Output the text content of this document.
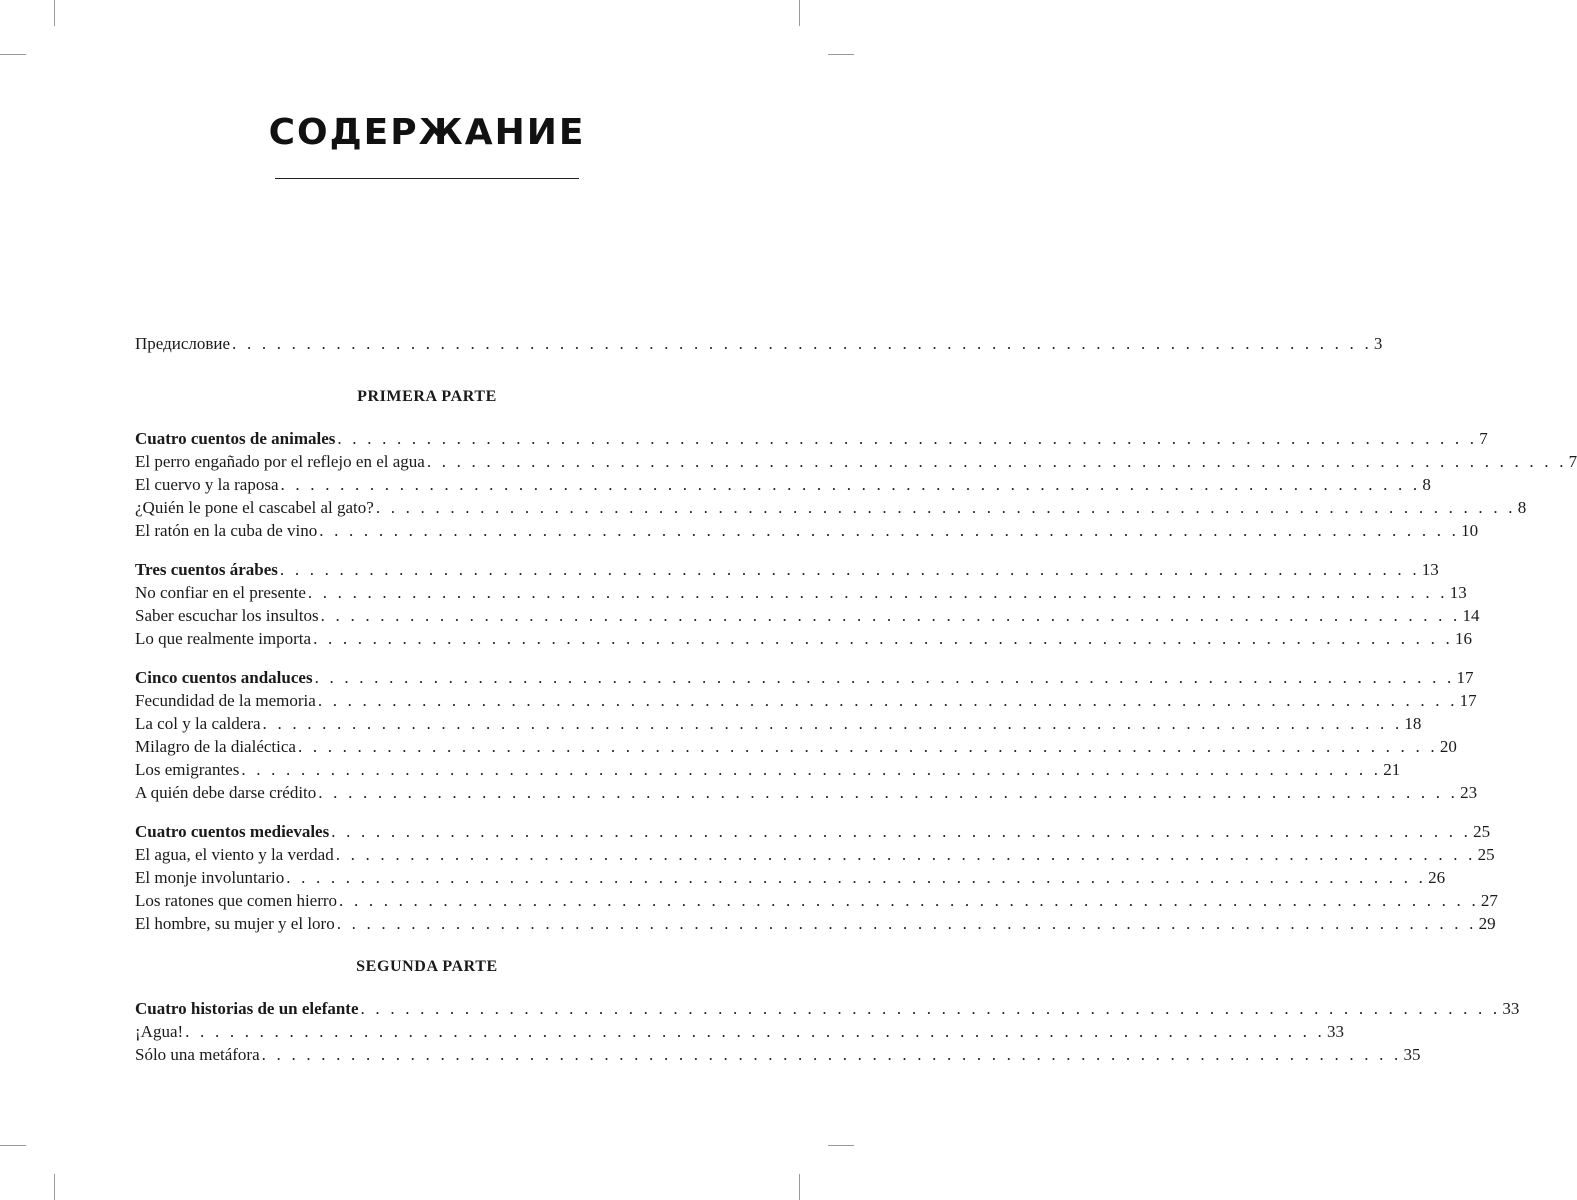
СОДЕРЖАНИЕ
Предисловие . . . . . . . . . . . . . . . . . . . . . . . . . . . . . . . . . . . . . . . . . . . . . . . . . . . . . . . . . . . . . . . . . . . . . . . . . . . . . 3
PRIMERA PARTE
Cuatro cuentos de animales . . . . . . . . . . . . . . . . . . . . . . . . . . . . . . . . . . . . . . . . . . . . . . . . . . . . . . . . . . . . . . . . . . . . . . . . . . . . . 7
El perro engañado por el reflejo en el agua . . . . . . . . . . . . . . . . . . . . . . . . . . . . . . . . . . . . . . . . . . . . . . . . . . . . . . . . . . . . . . . . . . . . . . . . . . . . . 7
El cuervo y la raposa . . . . . . . . . . . . . . . . . . . . . . . . . . . . . . . . . . . . . . . . . . . . . . . . . . . . . . . . . . . . . . . . . . . . . . . . . . . . . 8
¿Quién le pone el cascabel al gato? . . . . . . . . . . . . . . . . . . . . . . . . . . . . . . . . . . . . . . . . . . . . . . . . . . . . . . . . . . . . . . . . . . . . . . . . . . . . . 8
El ratón en la cuba de vino . . . . . . . . . . . . . . . . . . . . . . . . . . . . . . . . . . . . . . . . . . . . . . . . . . . . . . . . . . . . . . . . . . . . . . . . . . . . . 10
Tres cuentos árabes . . . . . . . . . . . . . . . . . . . . . . . . . . . . . . . . . . . . . . . . . . . . . . . . . . . . . . . . . . . . . . . . . . . . . . . . . . . . . 13
No confiar en el presente . . . . . . . . . . . . . . . . . . . . . . . . . . . . . . . . . . . . . . . . . . . . . . . . . . . . . . . . . . . . . . . . . . . . . . . . . . . . . 13
Saber escuchar los insultos . . . . . . . . . . . . . . . . . . . . . . . . . . . . . . . . . . . . . . . . . . . . . . . . . . . . . . . . . . . . . . . . . . . . . . . . . . . . . 14
Lo que realmente importa . . . . . . . . . . . . . . . . . . . . . . . . . . . . . . . . . . . . . . . . . . . . . . . . . . . . . . . . . . . . . . . . . . . . . . . . . . . . . 16
Cinco cuentos andaluces . . . . . . . . . . . . . . . . . . . . . . . . . . . . . . . . . . . . . . . . . . . . . . . . . . . . . . . . . . . . . . . . . . . . . . . . . . . . . 17
Fecundidad de la memoria . . . . . . . . . . . . . . . . . . . . . . . . . . . . . . . . . . . . . . . . . . . . . . . . . . . . . . . . . . . . . . . . . . . . . . . . . . . . . 17
La col y la caldera . . . . . . . . . . . . . . . . . . . . . . . . . . . . . . . . . . . . . . . . . . . . . . . . . . . . . . . . . . . . . . . . . . . . . . . . . . . . . 18
Milagro de la dialéctica . . . . . . . . . . . . . . . . . . . . . . . . . . . . . . . . . . . . . . . . . . . . . . . . . . . . . . . . . . . . . . . . . . . . . . . . . . . . . 20
Los emigrantes . . . . . . . . . . . . . . . . . . . . . . . . . . . . . . . . . . . . . . . . . . . . . . . . . . . . . . . . . . . . . . . . . . . . . . . . . . . . . 21
A quién debe darse crédito . . . . . . . . . . . . . . . . . . . . . . . . . . . . . . . . . . . . . . . . . . . . . . . . . . . . . . . . . . . . . . . . . . . . . . . . . . . . . 23
Cuatro cuentos medievales . . . . . . . . . . . . . . . . . . . . . . . . . . . . . . . . . . . . . . . . . . . . . . . . . . . . . . . . . . . . . . . . . . . . . . . . . . . . . 25
El agua, el viento y la verdad . . . . . . . . . . . . . . . . . . . . . . . . . . . . . . . . . . . . . . . . . . . . . . . . . . . . . . . . . . . . . . . . . . . . . . . . . . . . . 25
El monje involuntario . . . . . . . . . . . . . . . . . . . . . . . . . . . . . . . . . . . . . . . . . . . . . . . . . . . . . . . . . . . . . . . . . . . . . . . . . . . . . 26
Los ratones que comen hierro . . . . . . . . . . . . . . . . . . . . . . . . . . . . . . . . . . . . . . . . . . . . . . . . . . . . . . . . . . . . . . . . . . . . . . . . . . . . . 27
El hombre, su mujer y el loro . . . . . . . . . . . . . . . . . . . . . . . . . . . . . . . . . . . . . . . . . . . . . . . . . . . . . . . . . . . . . . . . . . . . . . . . . . . . . 29
SEGUNDA PARTE
Cuatro historias de un elefante . . . . . . . . . . . . . . . . . . . . . . . . . . . . . . . . . . . . . . . . . . . . . . . . . . . . . . . . . . . . . . . . . . . . . . . . . . . . . 33
¡Agua! . . . . . . . . . . . . . . . . . . . . . . . . . . . . . . . . . . . . . . . . . . . . . . . . . . . . . . . . . . . . . . . . . . . . . . . . . . . . . 33
Sólo una metáfora . . . . . . . . . . . . . . . . . . . . . . . . . . . . . . . . . . . . . . . . . . . . . . . . . . . . . . . . . . . . . . . . . . . . . . . . . . . . . 35
